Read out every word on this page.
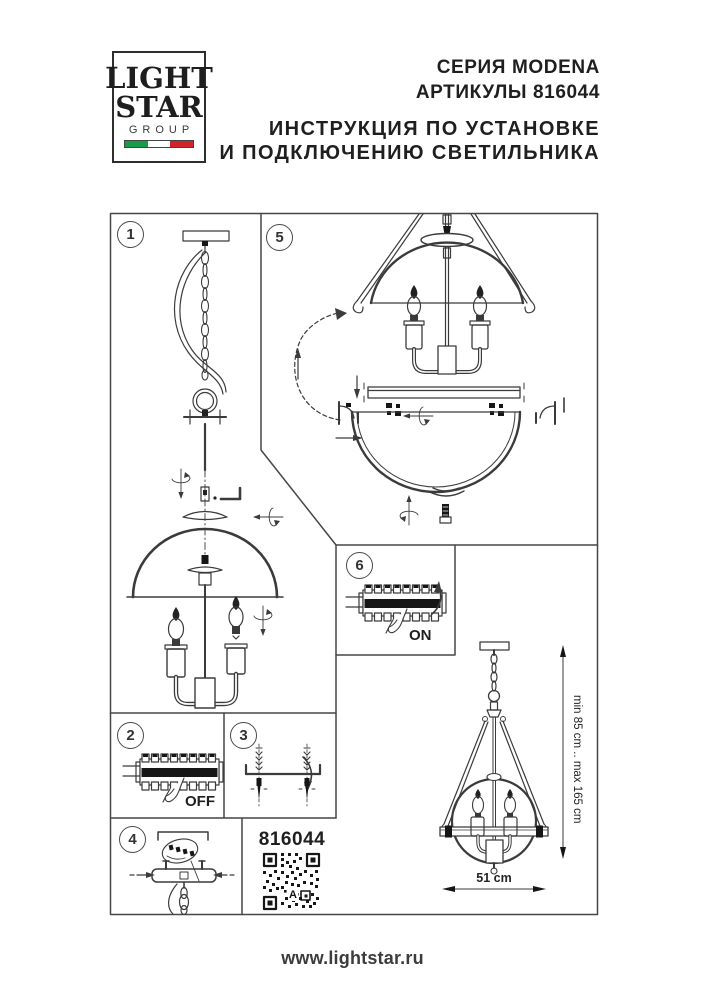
LIGHT
STAR
GROUP
СЕРИЯ MODENA
АРТИКУЛЫ 816044
ИНСТРУКЦИЯ ПО УСТАНОВКЕ
И ПОДКЛЮЧЕНИЮ СВЕТИЛЬНИКА
1
2	3
4
5
6
OFF
ON
816044
A
51 cm
min 85 cm .. max 165 cm
www.lightstar.ru
